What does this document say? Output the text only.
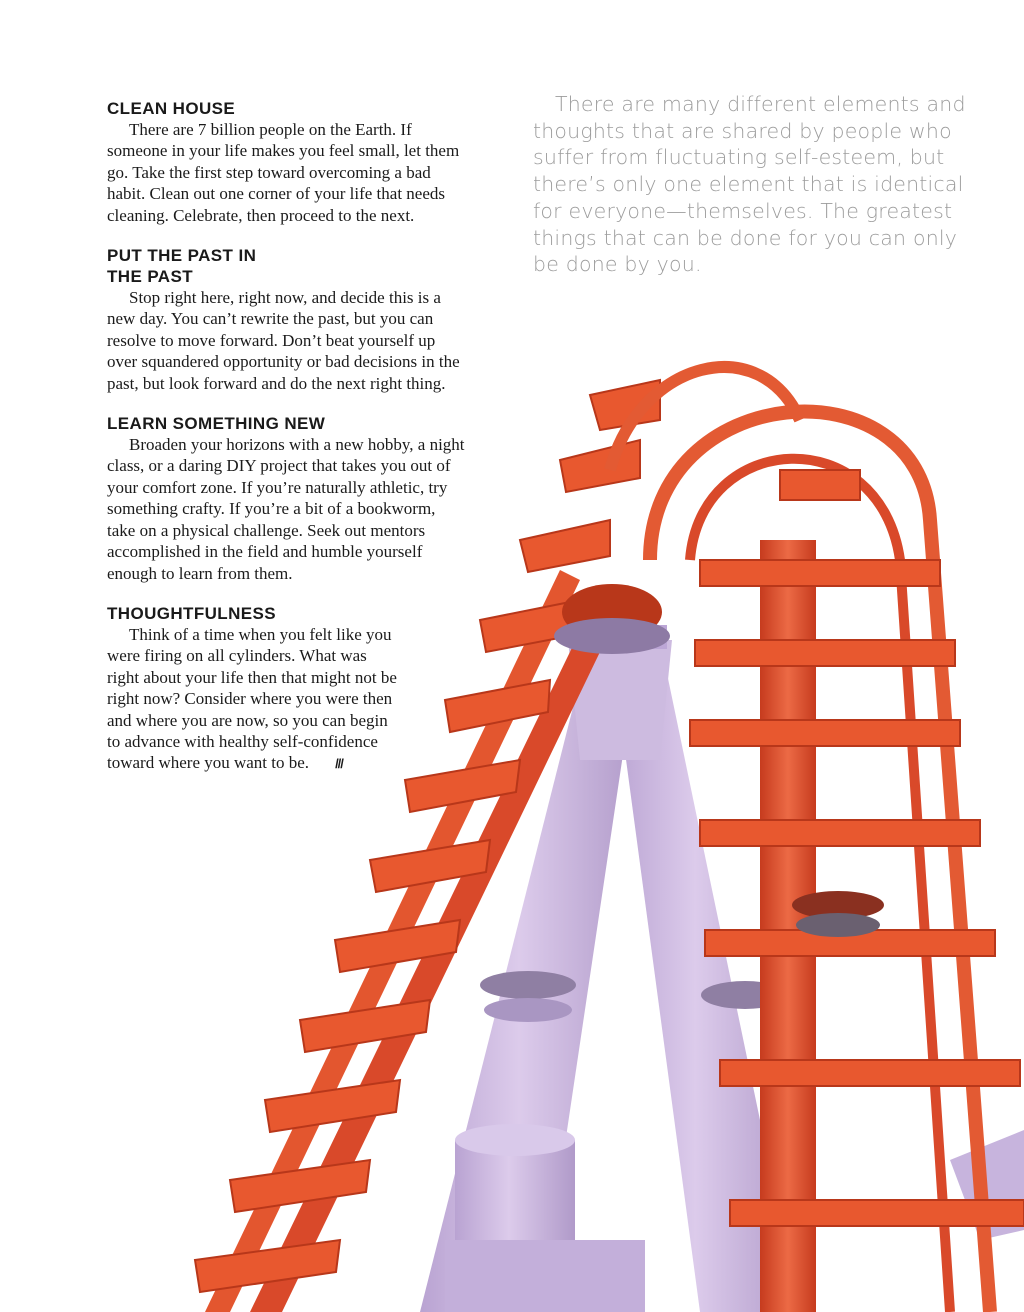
There are many different elements and thoughts that are shared by people who suffer from fluctuating self-esteem, but there’s only one element that is identical for everyone—themselves. The greatest things that can be done for you can only be done by you.

CLEAN HOUSE

There are 7 billion people on the Earth. If someone in your life makes you feel small, let them go. Take the first step toward overcoming a bad habit. Clean out one corner of your life that needs cleaning. Celebrate, then proceed to the next.

PUT THE PAST IN THE PAST

Stop right here, right now, and decide this is a new day. You can’t rewrite the past, but you can resolve to move forward. Don’t beat yourself up over squandered opportunity or bad decisions in the past, but look forward and do the next right thing.

LEARN SOMETHING NEW

Broaden your horizons with a new hobby, a night class, or a daring DIY project that takes you out of your comfort zone. If you’re naturally athletic, try something crafty. If you’re a bit of a bookworm, take on a physical challenge. Seek out mentors accomplished in the field and humble yourself enough to learn from them.

THOUGHTFULNESS

Think of a time when you felt like you were firing on all cylinders. What was right about your life then that might not be right now? Consider where you were then and where you are now, so you can begin to advance with healthy self-confidence toward where you want to be. ///
